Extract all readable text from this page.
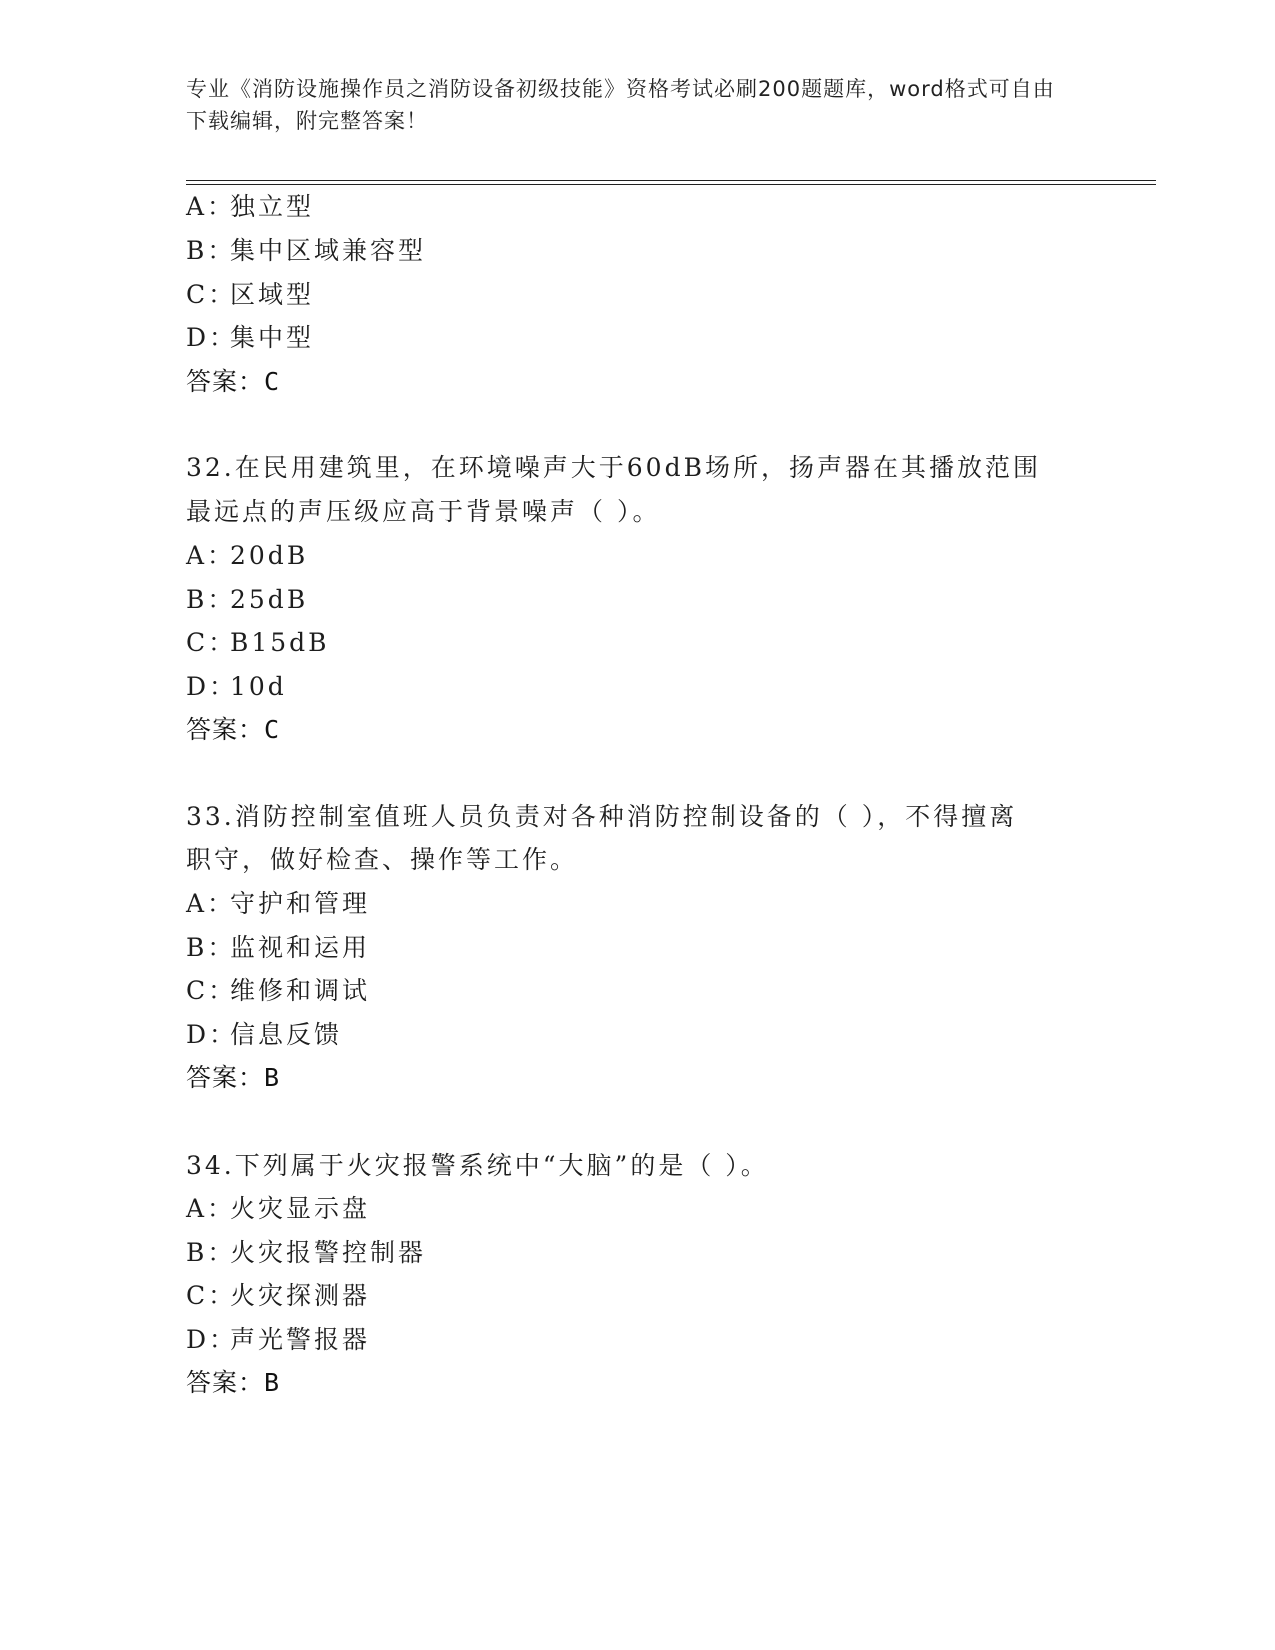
专业《消防设施操作员之消防设备初级技能》资格考试必刷200题题库，word格式可自由下载编辑，附完整答案！
A：独立型
B：集中区域兼容型
C：区域型
D：集中型
答案：C
32.在民用建筑里，在环境噪声大于60dB场所，扬声器在其播放范围
最远点的声压级应高于背景噪声（ ）。
A：20dB
B：25dB
C：B15dB
D：10d
答案：C
33.消防控制室值班人员负责对各种消防控制设备的（ ），不得擅离
职守，做好检查、操作等工作。
A：守护和管理
B：监视和运用
C：维修和调试
D：信息反馈
答案：B
34.下列属于火灾报警系统中“大脑”的是（ ）。
A：火灾显示盘
B：火灾报警控制器
C：火灾探测器
D：声光警报器
答案：B
